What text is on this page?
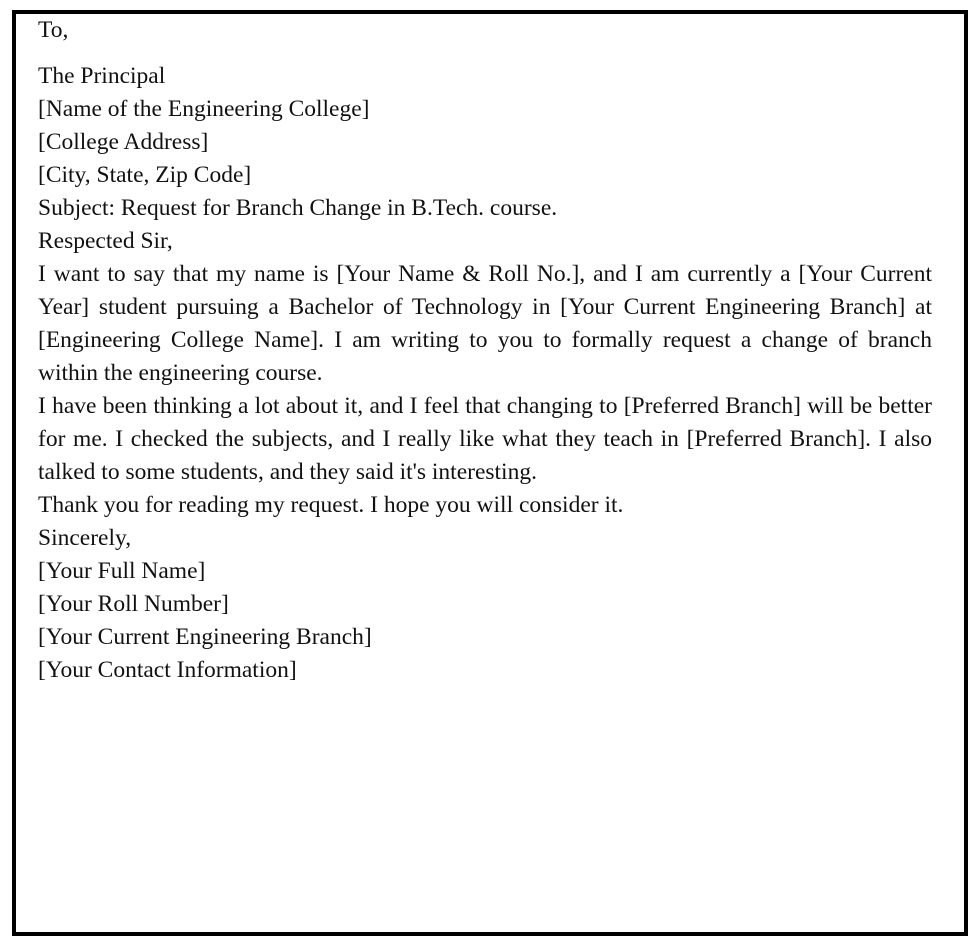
To,

The Principal
[Name of the Engineering College]
[College Address]
[City, State, Zip Code]

Subject: Request for Branch Change in B.Tech. course.

Respected Sir,

I want to say that my name is [Your Name & Roll No.], and I am currently a [Your Current Year] student pursuing a Bachelor of Technology in [Your Current Engineering Branch] at [Engineering College Name]. I am writing to you to formally request a change of branch within the engineering course.

I have been thinking a lot about it, and I feel that changing to [Preferred Branch] will be better for me. I checked the subjects, and I really like what they teach in [Preferred Branch]. I also talked to some students, and they said it's interesting.

Thank you for reading my request. I hope you will consider it.

Sincerely,

[Your Full Name]
[Your Roll Number]
[Your Current Engineering Branch]
[Your Contact Information]
